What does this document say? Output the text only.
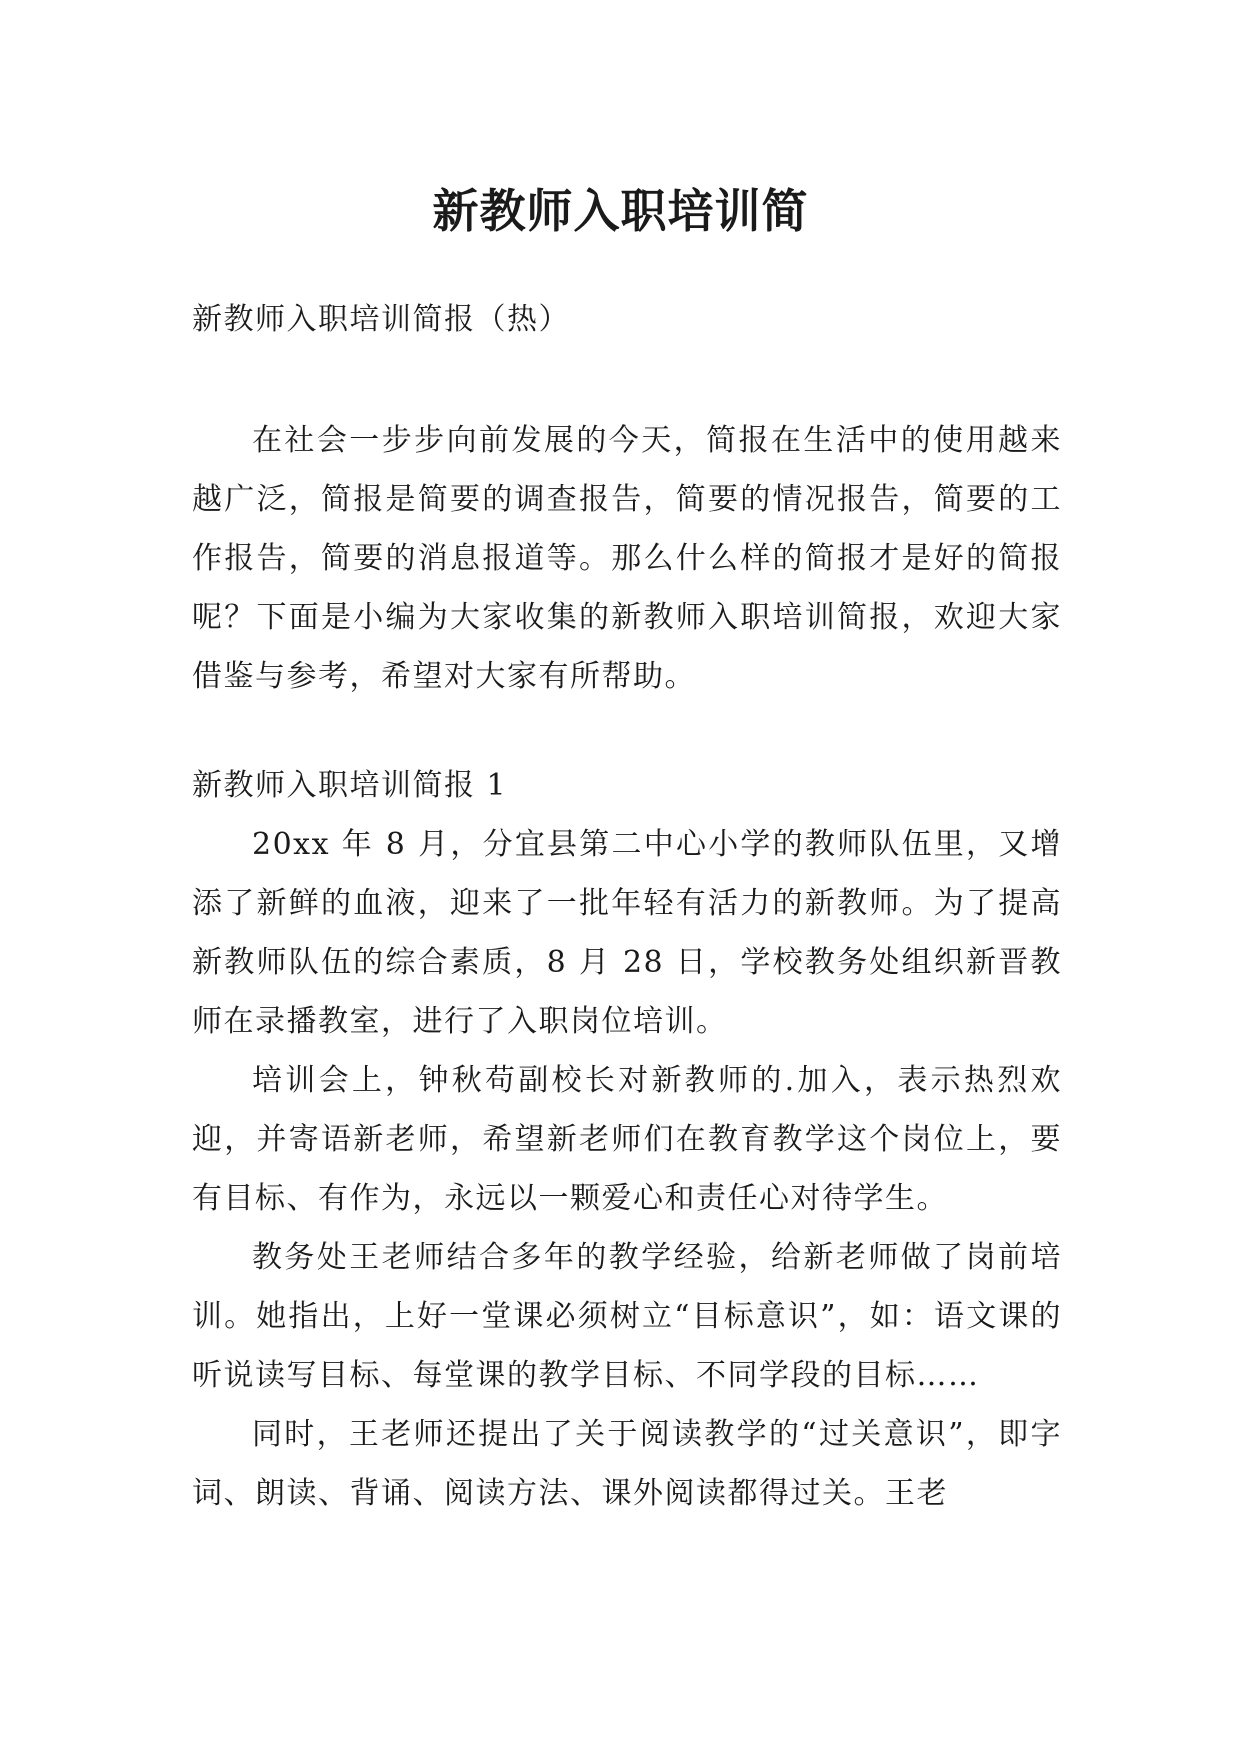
新教师入职培训简

新教师入职培训简报（热）

在社会一步步向前发展的今天，简报在生活中的使用越来越广泛，简报是简要的调查报告，简要的情况报告，简要的工作报告，简要的消息报道等。那么什么样的简报才是好的简报呢？下面是小编为大家收集的新教师入职培训简报，欢迎大家借鉴与参考，希望对大家有所帮助。

新教师入职培训简报 1

20xx 年 8 月，分宜县第二中心小学的教师队伍里，又增添了新鲜的血液，迎来了一批年轻有活力的新教师。为了提高新教师队伍的综合素质，8 月 28 日，学校教务处组织新晋教师在录播教室，进行了入职岗位培训。

培训会上，钟秋苟副校长对新教师的.加入，表示热烈欢迎，并寄语新老师，希望新老师们在教育教学这个岗位上，要有目标、有作为，永远以一颗爱心和责任心对待学生。

教务处王老师结合多年的教学经验，给新老师做了岗前培训。她指出，上好一堂课必须树立“目标意识”，如：语文课的听说读写目标、每堂课的教学目标、不同学段的目标……

同时，王老师还提出了关于阅读教学的“过关意识”，即字词、朗读、背诵、阅读方法、课外阅读都得过关。王老
